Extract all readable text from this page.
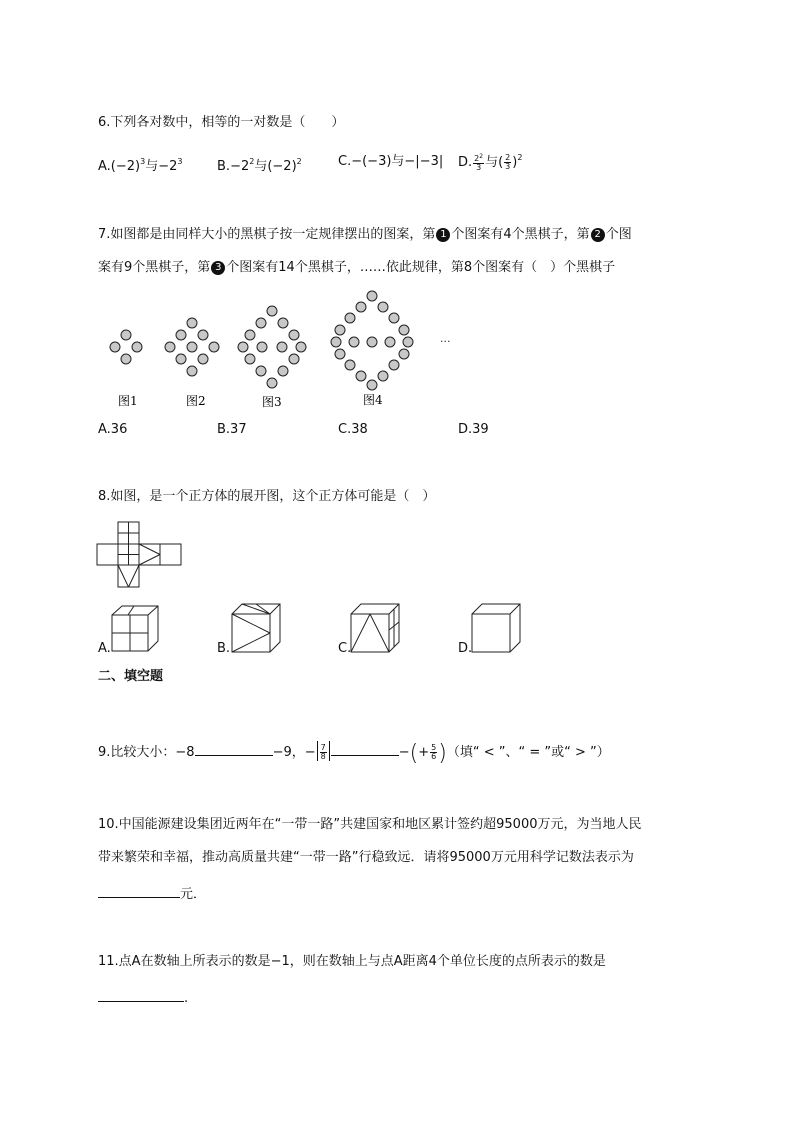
6.下列各对数中，相等的一对数是（　　）
$A.(-2)^3$与$-2^3$	$B.-2^2$与$(-2)^2$	C.−(−3)与−|−3| D. $\frac{2^2}{3}$ 与( $\frac{2}{3} )^2$
7.如图都是由同样大小的黑棋子按一定规律摆出的图案，第 1 个图案有4个黑棋子，第 2 个图
案有9个黑棋子，第 3 个图案有14个黑棋子，……依此规律，第8个图案有（　）个黑棋子
...
图1	图2	图3	图4
A.36	B.37	C.38	D.39
8.如图，是一个正方体的展开图，这个正方体可能是（　）
A.	B.	C.	D.
二、填空题
9.比较大小：−8	−9，− $\frac{7}{8}$	−(+ $\frac{5}{6}$ )（填“ < ”、“ = ”或“ > ”）
10.中国能源建设集团近两年在“一带一路”共建国家和地区累计签约超95000万元，为当地人民
带来繁荣和幸福，推动高质量共建“一带一路”行稳致远．请将95000万元用科学记数法表示为
元．
11.点A在数轴上所表示的数是−1，则在数轴上与点A距离4个单位长度的点所表示的数是
.
